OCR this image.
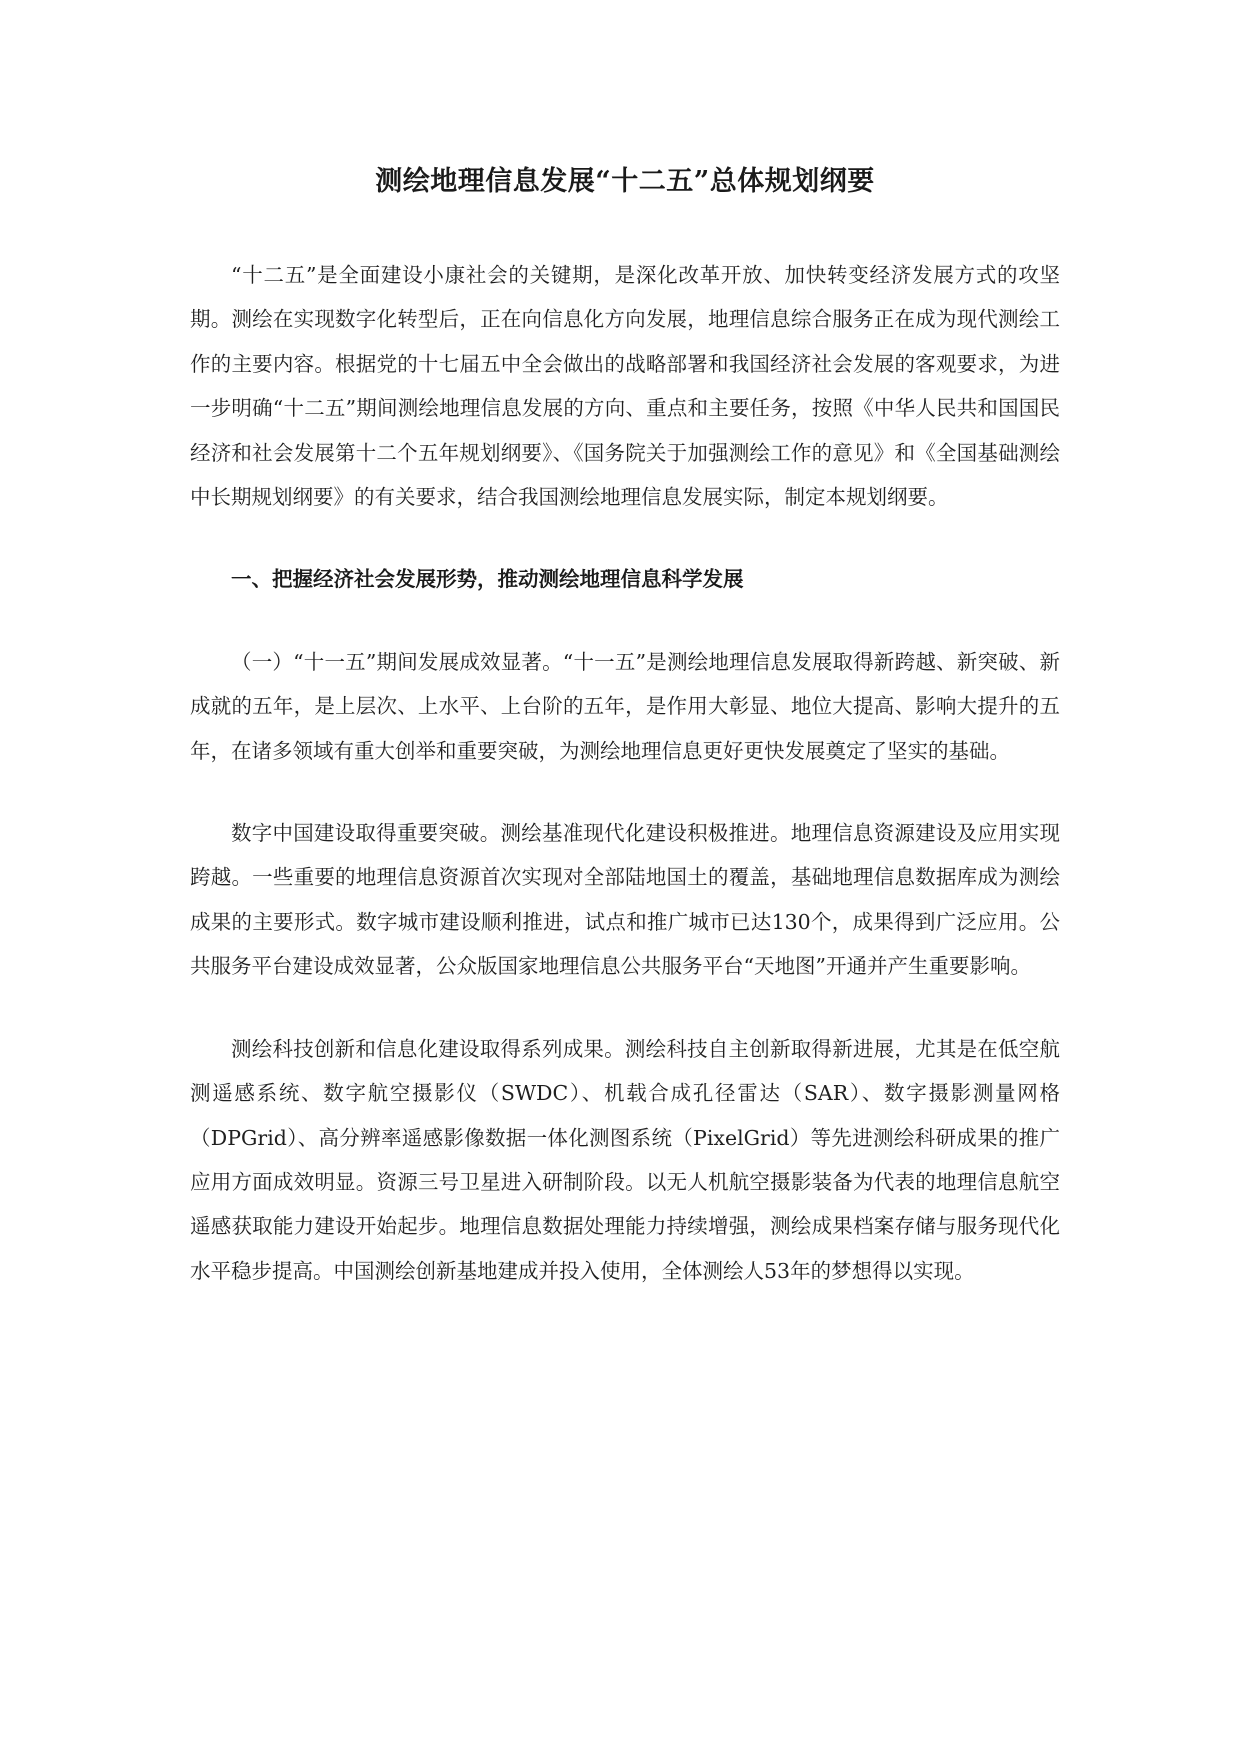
测绘地理信息发展“十二五”总体规划纲要

“十二五”是全面建设小康社会的关键期，是深化改革开放、加快转变经济发展方式的攻坚期。测绘在实现数字化转型后，正在向信息化方向发展，地理信息综合服务正在成为现代测绘工作的主要内容。根据党的十七届五中全会做出的战略部署和我国经济社会发展的客观要求，为进一步明确“十二五”期间测绘地理信息发展的方向、重点和主要任务，按照《中华人民共和国国民经济和社会发展第十二个五年规划纲要》、《国务院关于加强测绘工作的意见》和《全国基础测绘中长期规划纲要》的有关要求，结合我国测绘地理信息发展实际，制定本规划纲要。

一、把握经济社会发展形势，推动测绘地理信息科学发展

（一）“十一五”期间发展成效显著。“十一五”是测绘地理信息发展取得新跨越、新突破、新成就的五年，是上层次、上水平、上台阶的五年，是作用大彰显、地位大提高、影响大提升的五年，在诸多领域有重大创举和重要突破，为测绘地理信息更好更快发展奠定了坚实的基础。

数字中国建设取得重要突破。测绘基准现代化建设积极推进。地理信息资源建设及应用实现跨越。一些重要的地理信息资源首次实现对全部陆地国土的覆盖，基础地理信息数据库成为测绘成果的主要形式。数字城市建设顺利推进，试点和推广城市已达130个，成果得到广泛应用。公共服务平台建设成效显著，公众版国家地理信息公共服务平台“天地图”开通并产生重要影响。

测绘科技创新和信息化建设取得系列成果。测绘科技自主创新取得新进展，尤其是在低空航测遥感系统、数字航空摄影仪（SWDC）、机载合成孔径雷达（SAR）、数字摄影测量网格（DPGrid）、高分辨率遥感影像数据一体化测图系统（PixelGrid）等先进测绘科研成果的推广应用方面成效明显。资源三号卫星进入研制阶段。以无人机航空摄影装备为代表的地理信息航空遥感获取能力建设开始起步。地理信息数据处理能力持续增强，测绘成果档案存储与服务现代化水平稳步提高。中国测绘创新基地建成并投入使用，全体测绘人53年的梦想得以实现。
